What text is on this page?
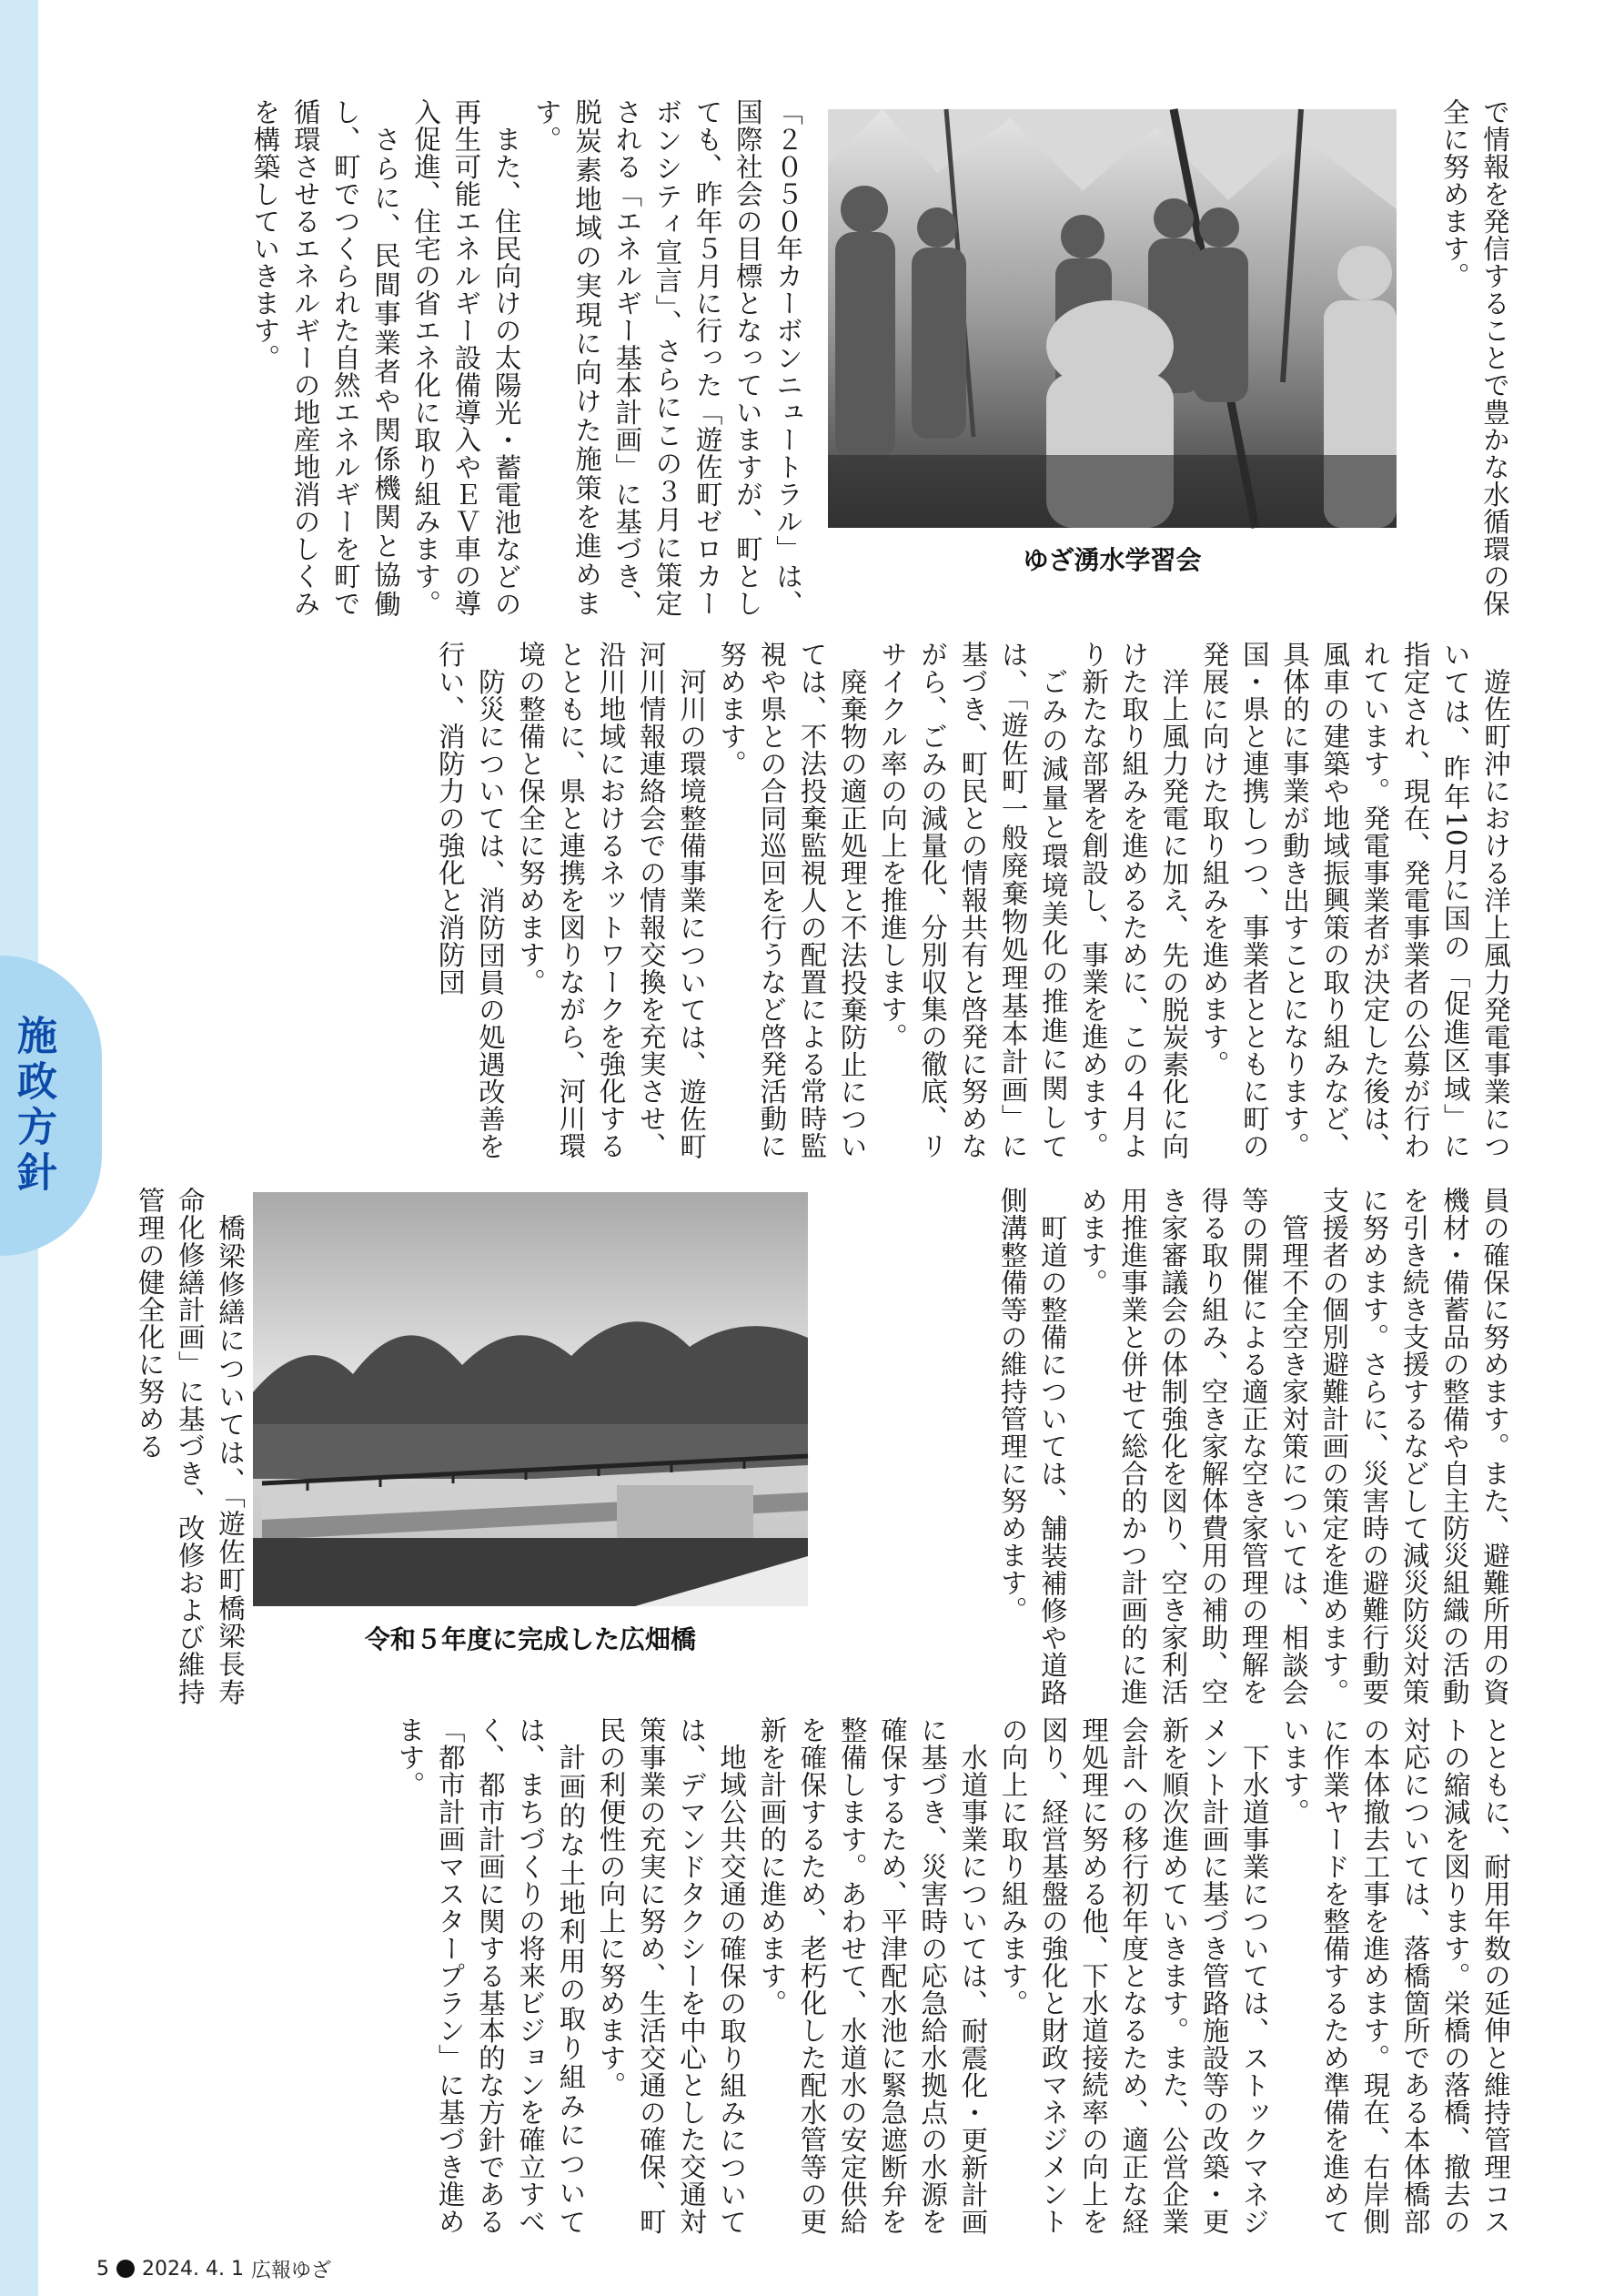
施政方針

で情報を発信することで豊かな水循環の保全に努めます。

ゆざ湧水学習会

「２０５０年カーボンニュートラル」は、国際社会の目標となっていますが、町としても、昨年５月に行った「遊佐町ゼロカーボンシティ宣言」、さらにこの３月に策定される「エネルギー基本計画」に基づき、脱炭素地域の実現に向けた施策を進めます。

また、住民向けの太陽光・蓄電池などの再生可能エネルギー設備導入やＥＶ車の導入促進、住宅の省エネ化に取り組みます。

さらに、民間事業者や関係機関と協働し、町でつくられた自然エネルギーを町で循環させるエネルギーの地産地消のしくみを構築していきます。

遊佐町沖における洋上風力発電事業については、昨年10月に国の「促進区域」に指定され、現在、発電事業者の公募が行われています。発電事業者が決定した後は、風車の建築や地域振興策の取り組みなど、具体的に事業が動き出すことになります。国・県と連携しつつ、事業者とともに町の発展に向けた取り組みを進めます。

洋上風力発電に加え、先の脱炭素化に向けた取り組みを進めるために、この４月より新たな部署を創設し、事業を進めます。

ごみの減量と環境美化の推進に関しては、「遊佐町一般廃棄物処理基本計画」に基づき、町民との情報共有と啓発に努めながら、ごみの減量化、分別収集の徹底、リサイクル率の向上を推進します。

廃棄物の適正処理と不法投棄防止については、不法投棄監視人の配置による常時監視や県との合同巡回を行うなど啓発活動に努めます。

河川の環境整備事業については、遊佐町河川情報連絡会での情報交換を充実させ、沿川地域におけるネットワークを強化するとともに、県と連携を図りながら、河川環境の整備と保全に努めます。

防災については、消防団員の処遇改善を行い、消防力の強化と消防団

員の確保に努めます。また、避難所用の資機材・備蓄品の整備や自主防災組織の活動を引き続き支援するなどして減災防災対策に努めます。さらに、災害時の避難行動要支援者の個別避難計画の策定を進めます。

管理不全空き家対策については、相談会等の開催による適正な空き家管理の理解を得る取り組み、空き家解体費用の補助、空き家審議会の体制強化を図り、空き家利活用推進事業と併せて総合的かつ計画的に進めます。

町道の整備については、舗装補修や道路側溝整備等の維持管理に努めます。

橋梁修繕については、「遊佐町橋梁長寿命化修繕計画」に基づき、改修および維持管理の健全化に努める

令和５年度に完成した広畑橋

とともに、耐用年数の延伸と維持管理コストの縮減を図ります。栄橋の落橋、撤去の対応については、落橋箇所である本体橋部の本体撤去工事を進めます。現在、右岸側に作業ヤードを整備するため準備を進めています。

下水道事業については、ストックマネジメント計画に基づき管路施設等の改築・更新を順次進めていきます。また、公営企業会計への移行初年度となるため、適正な経理処理に努める他、下水道接続率の向上を図り、経営基盤の強化と財政マネジメントの向上に取り組みます。

水道事業については、耐震化・更新計画に基づき、災害時の応急給水拠点の水源を確保するため、平津配水池に緊急遮断弁を整備します。あわせて、水道水の安定供給を確保するため、老朽化した配水管等の更新を計画的に進めます。

地域公共交通の確保の取り組みについては、デマンドタクシーを中心とした交通対策事業の充実に努め、生活交通の確保、町民の利便性の向上に努めます。

計画的な土地利用の取り組みについては、まちづくりの将来ビジョンを確立すべく、都市計画に関する基本的な方針である「都市計画マスタープラン」に基づき進めます。

5 2024. 4. 1 広報ゆざ
